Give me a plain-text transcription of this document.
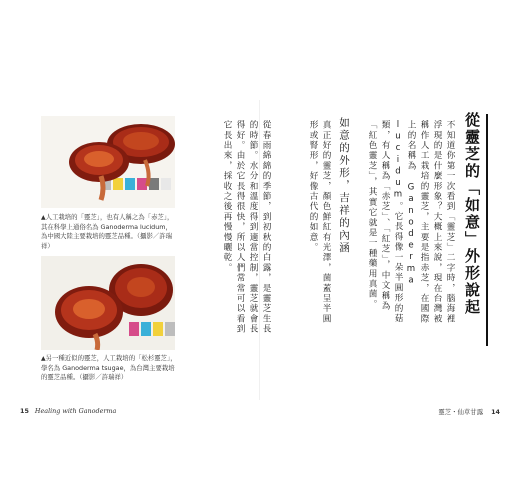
▲人工栽培的「靈芝」，也有人稱之為「赤芝」，其在科學上通俗名為 Ganoderma lucidum，為中國大陸主要栽培的靈芝品種。（攝影／許瑞祥）
▲另一種近似的靈芝，人工栽培的「松杉靈芝」，學名為 Ganoderma tsugae，為台灣主要栽培的靈芝品種。（攝影／許瑞祥）
從春雨綿綿的季節，到初秋的白露，是靈芝生長的時節。水分和溫度得到適當控制，靈芝就會長得好。由於它長得很快，所以人們常常可以看到它長出來，採收之後再慢慢曬乾。	真正好的靈芝，顏色鮮紅有光澤，菌蓋呈半圓形或腎形，好像古代的如意。	如意的外形，吉祥的內涵	不知道你第一次看到「靈芝」二字時，腦海裡浮現的是什麼形象？大概上來說，現在台灣被稱作人工栽培的靈芝，主要是指赤芝，在國際上的名稱為 Ganoderma lucidum。它長得像一朵半圓形的菇類，有人稱為「赤芝」、「紅芝」，中文稱為「紅色靈芝」，其實它就是一種藥用真菌。	從靈芝的「如意」外形說起
15 Healing with Ganoderma	靈芝・仙草甘露 14
